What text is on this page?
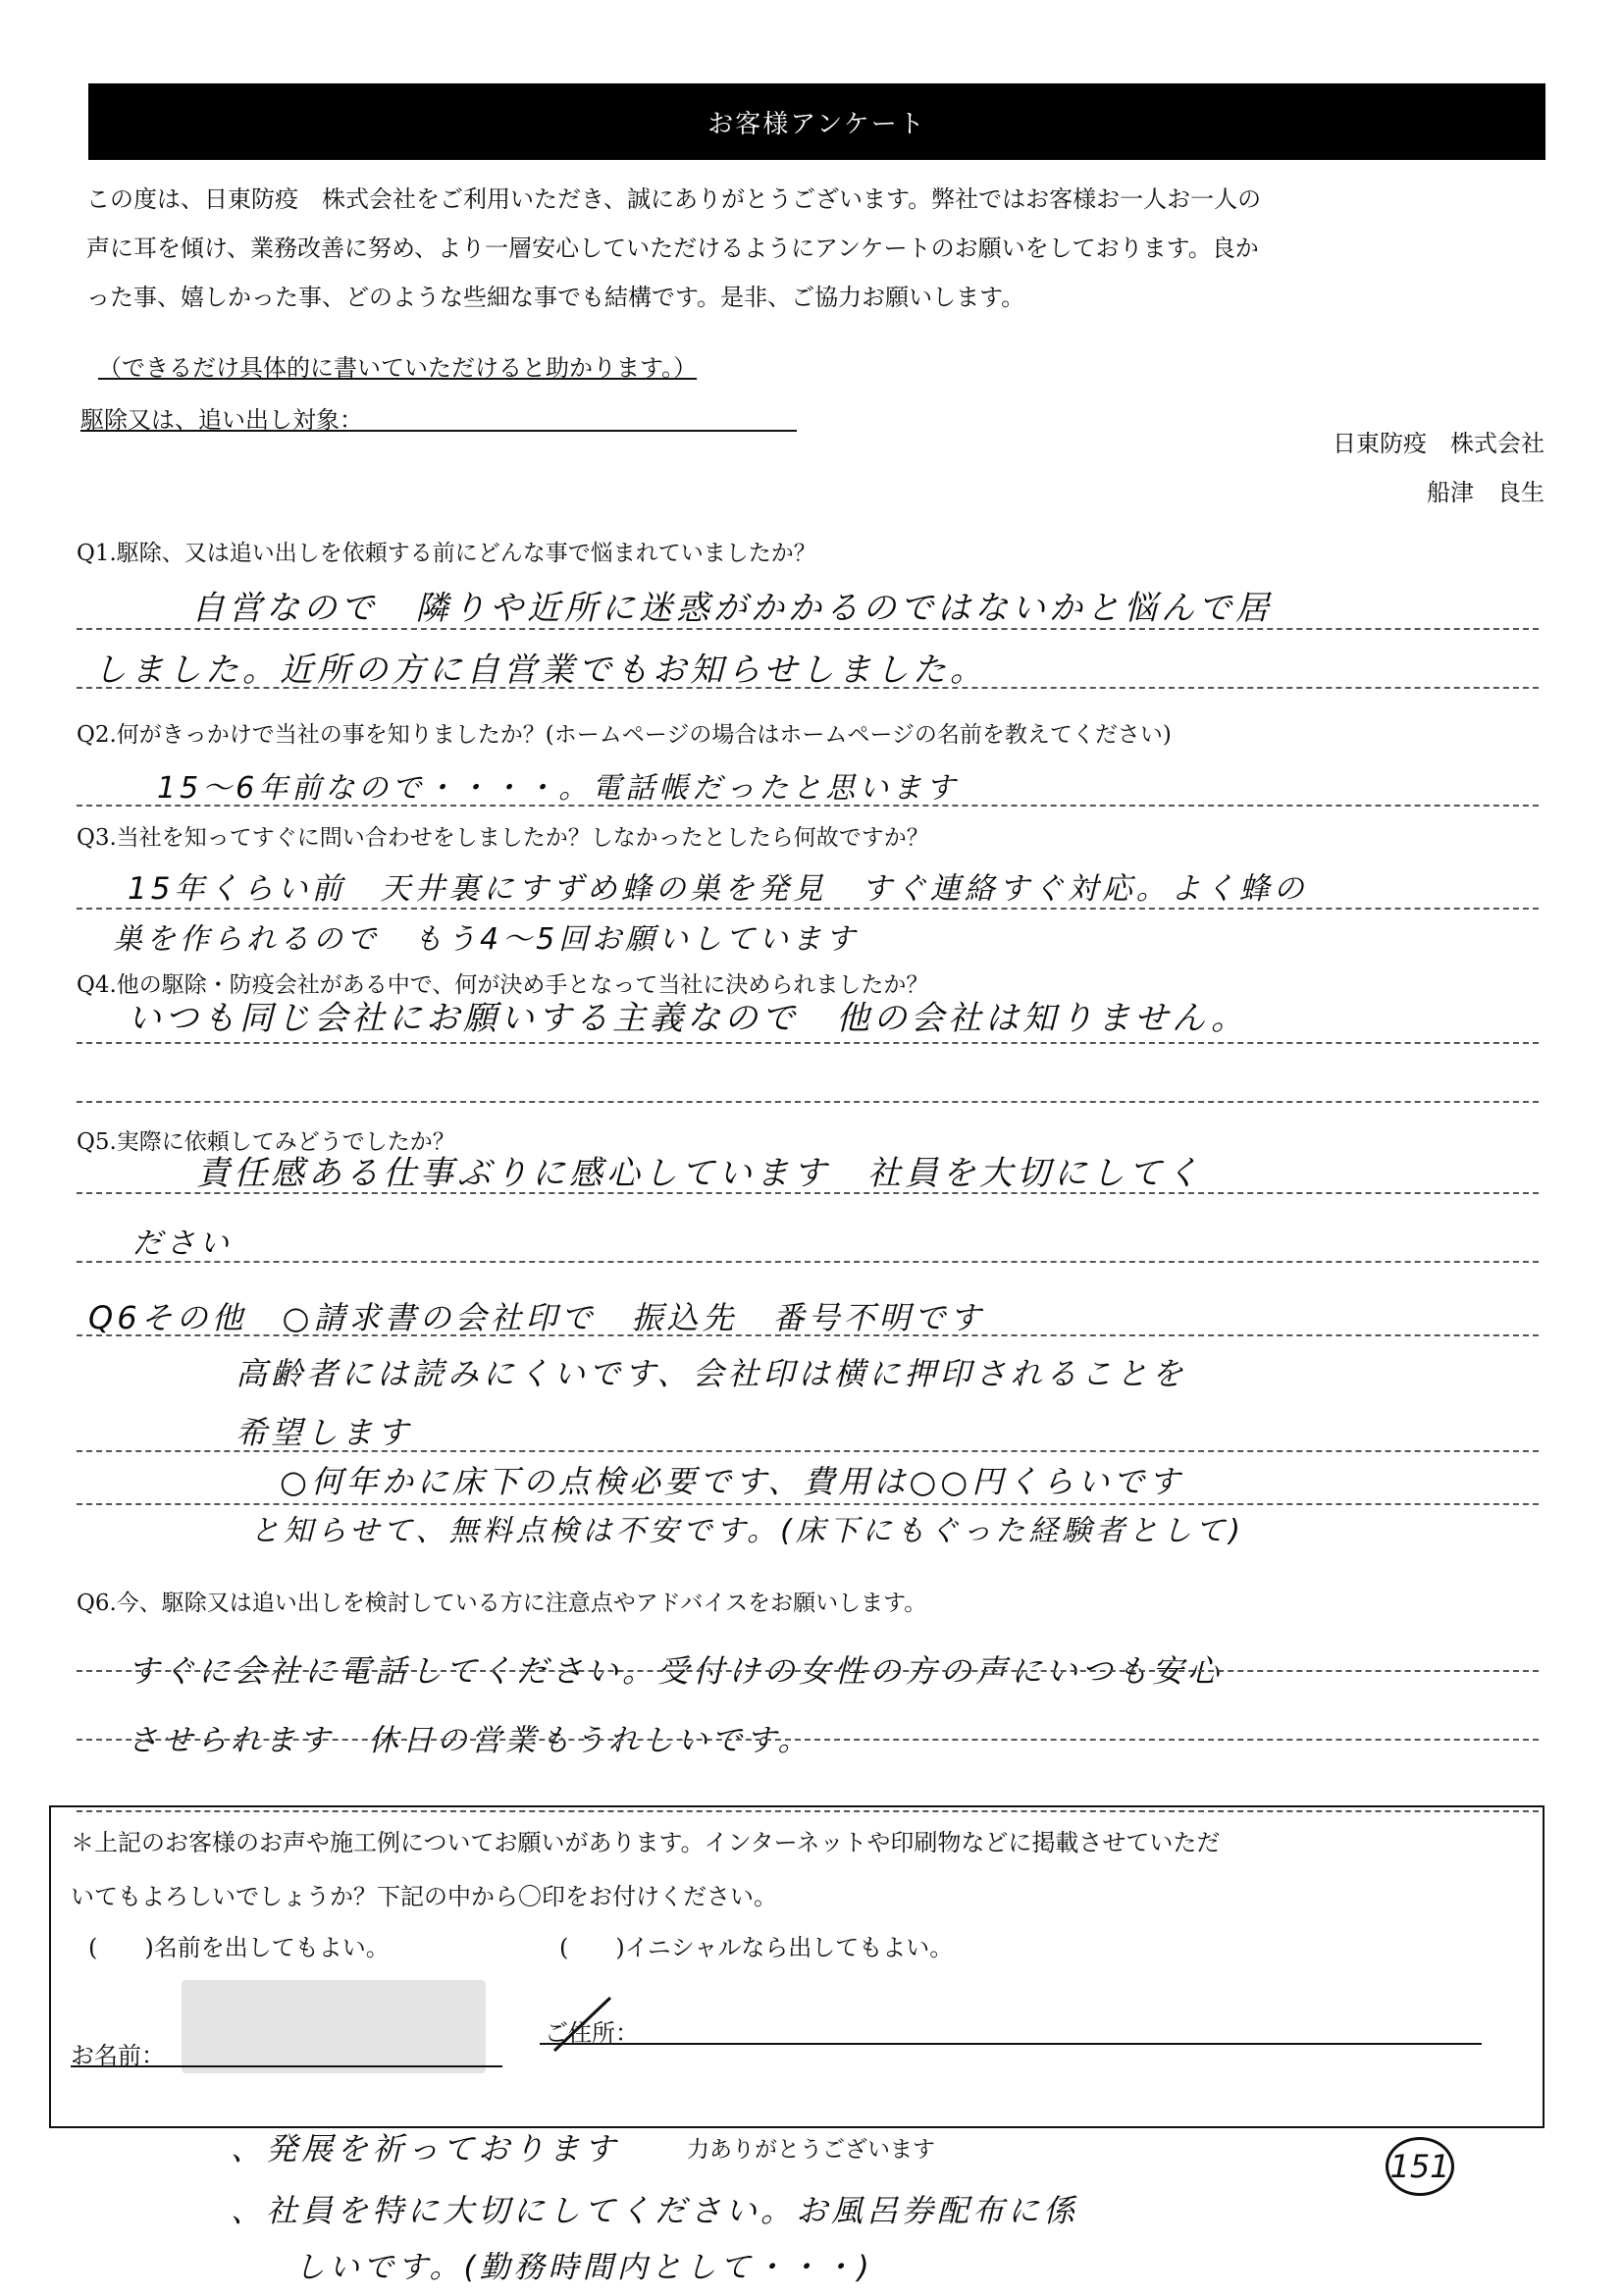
お客様アンケート

この度は、日東防疫　株式会社をご利用いただき、誠にありがとうございます。弊社ではお客様お一人お一人の

声に耳を傾け、業務改善に努め、より一層安心していただけるようにアンケートのお願いをしております。良か

った事、嬉しかった事、どのような些細な事でも結構です。是非、ご協力お願いします。

（できるだけ具体的に書いていただけると助かります。）
駆除又は、追い出し対象：
日東防疫　株式会社
船津　良生
Q1.駆除、又は追い出しを依頼する前にどんな事で悩まれていましたか？
自営なので　隣りや近所に迷惑がかかるのではないかと悩んで居
しました。近所の方に自営業でもお知らせしました。
Q2.何がきっかけで当社の事を知りましたか？(ホームページの場合はホームページの名前を教えてください)
15～6年前なので・・・・。電話帳だったと思います
Q3.当社を知ってすぐに問い合わせをしましたか？しなかったとしたら何故ですか？
15年くらい前　天井裏にすずめ蜂の巣を発見　すぐ連絡すぐ対応。よく蜂の
巣を作られるので　もう4～5回お願いしています
Q4.他の駆除・防疫会社がある中で、何が決め手となって当社に決められましたか？
いつも同じ会社にお願いする主義なので　他の会社は知りません。
Q5.実際に依頼してみどうでしたか？
責任感ある仕事ぶりに感心しています　社員を大切にしてく
ださい
Q6その他　○請求書の会社印で　振込先　番号不明です
高齢者には読みにくいです、会社印は横に押印されることを
希望します
○何年かに床下の点検必要です、費用は○○円くらいです
と知らせて、無料点検は不安です。(床下にもぐった経験者として)
Q6.今、駆除又は追い出しを検討している方に注意点やアドバイスをお願いします。
すぐに会社に電話してください。受付けの女性の方の声にいつも安心
させられます　休日の営業もうれしいです。
＊上記のお客様のお声や施工例についてお願いがあります。インターネットや印刷物などに掲載させていただ
いてもよろしいでしょうか？下記の中から〇印をお付けください。
(　　)名前を出してもよい。	(　　)イニシャルなら出してもよい。
お名前：
ご住所：
、発展を祈っております	力ありがとうございます	151
、社員を特に大切にしてください。お風呂券配布に係
しいです。(勤務時間内として・・・)
